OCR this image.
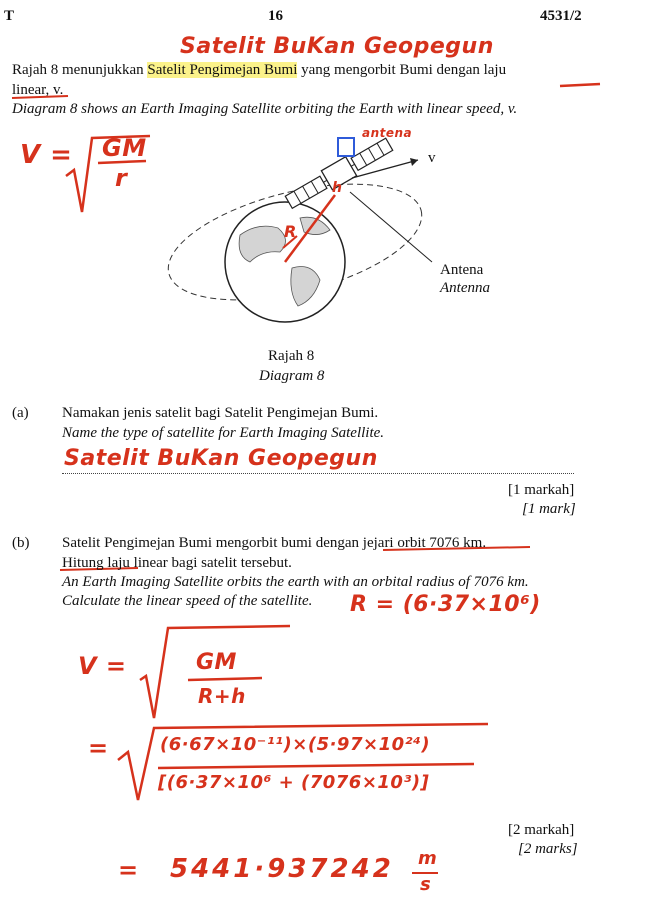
T	16	4531/2
Satelit BuKan Geopegun
Rajah 8 menunjukkan Satelit Pengimejan Bumi yang mengorbit Bumi dengan laju
linear, v.
Diagram 8 shows an Earth Imaging Satellite orbiting the Earth with linear speed, v.
V = GM
r
antena
h
R
v
Antena
Antenna
Rajah 8
Diagram 8
(a) Namakan jenis satelit bagi Satelit Pengimejan Bumi.
Name the type of satellite for Earth Imaging Satellite.
Satelit BuKan Geopegun
[1 markah]
[1 mark]
(b) Satelit Pengimejan Bumi mengorbit bumi dengan jejari orbit 7076 km.
Hitung laju linear bagi satelit tersebut.
An Earth Imaging Satellite orbits the earth with an orbital radius of 7076 km.
Calculate the linear speed of the satellite. R = (6·37×10⁶)
V =	GM
R+h
=	(6·67×10⁻¹¹)×(5·97×10²⁴)
[(6·37×10⁶ + (7076×10³)]
[2 markah]
[2 marks]
= 5441·937242 m
s
